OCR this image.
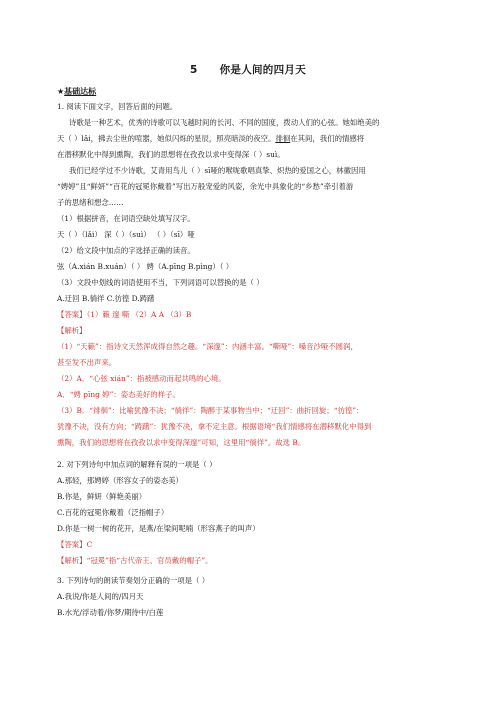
5 你是人间的四月天
★基础达标
1. 阅读下面文字，回答后面的问题。
诗歌是一种艺术，优秀的诗歌可以飞越时间的长河、不同的国度，拨动人们的心弦。她如绝美的
天（ ）lǎi，拂去尘世的喧嚣，她似闪烁的星辰，照亮暗淡的夜空。徘徊在其间，我们的情感将
在潜移默化中得到熏陶，我们的思想将在孜孜以求中变得深（ ）suì。
我们已经学过不少诗歌，艾青用鸟儿（ ）sī哑的喉咙歌唱真挚、炽热的爱国之心，林徽因用
“娉婷”且“鲜妍”“百花的冠冕你戴着”写出万般宠爱的风姿，余光中具象化的“乡愁”牵引着游
子的思绪和想念……
（1）根据拼音，在词语空缺处填写汉字。
天（ ）（lǎi） 深（ ）（suì） （ ）（sī）哑
（2）给文段中加点的字选择正确的读音。
弦（A.xián B.xuán）（ ） 娉（A.pīng B.pìng）（ ）
（3）文段中划线的词语使用不当，下列词语可以替换的是（ ）
A.迂回 B.徜徉 C.彷徨 D.踌躇
【答案】（1）籁 邃 嘶 （2）A A （3）B
【解析】
（1）“天籁”：指诗文天然浑成得自然之趣。“深邃”：内涵丰富。“嘶哑”：嗓音沙哑不圆润，
甚至发不出声来。
（2）A．“心弦 xián”：指被感动而起共鸣的心境。
A．“娉 pīng 婷”：姿态美好的样子。
（3）B．“徘徊”：比喻犹豫不决；“徜徉”：陶醉于某事物当中；“迂回”：曲折回旋；“彷徨”：
犹豫不决，没有方向；“踌躇”：犹豫不决，拿不定主意。根据语境“我们情感将在潜移默化中得到
熏陶，我们的思想将在孜孜以求中变得深邃”可知，这里用“徜徉”。故选 B。
2. 对下列诗句中加点词的解释有误的一项是（ ）
A.那轻，那娉婷（形容女子的姿态美）
B.你是，鲜妍（鲜艳美丽）
C.百花的冠冕你戴着（泛指帽子）
D.你是一树一树的花开，是燕/在梁间呢喃（形容燕子的叫声）
【答案】C
【解析】“冠冕”指“古代帝王、官员戴的帽子”。
3. 下列诗句的朗读节奏划分正确的一项是（ ）
A.我说/你是人间的/四月天
B.水光/浮动着/你梦/期待中/白莲
